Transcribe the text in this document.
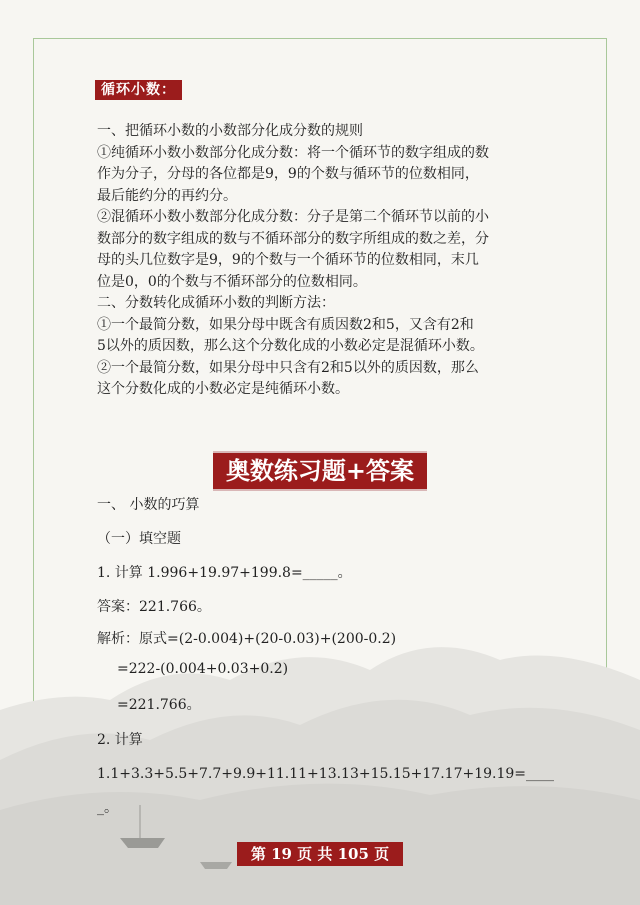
循环小数：
一、把循环小数的小数部分化成分数的规则
①纯循环小数小数部分化成分数：将一个循环节的数字组成的数
作为分子，分母的各位都是9，9的个数与循环节的位数相同，
最后能约分的再约分。
②混循环小数小数部分化成分数：分子是第二个循环节以前的小
数部分的数字组成的数与不循环部分的数字所组成的数之差，分
母的头几位数字是9，9的个数与一个循环节的位数相同，末几
位是0，0的个数与不循环部分的位数相同。
二、分数转化成循环小数的判断方法：
①一个最简分数，如果分母中既含有质因数2和5，又含有2和
5以外的质因数，那么这个分数化成的小数必定是混循环小数。
②一个最简分数，如果分母中只含有2和5以外的质因数，那么
这个分数化成的小数必定是纯循环小数。
奥数练习题+答案
一、 小数的巧算
（一）填空题
1. 计算 1.996+19.97+199.8=_____。
答案：221.766。
解析：原式=(2-0.004)+(20-0.03)+(200-0.2)
=222-(0.004+0.03+0.2)
=221.766。
2. 计算
1.1+3.3+5.5+7.7+9.9+11.11+13.13+15.15+17.17+19.19=____
_。
第 19 页 共 105 页
